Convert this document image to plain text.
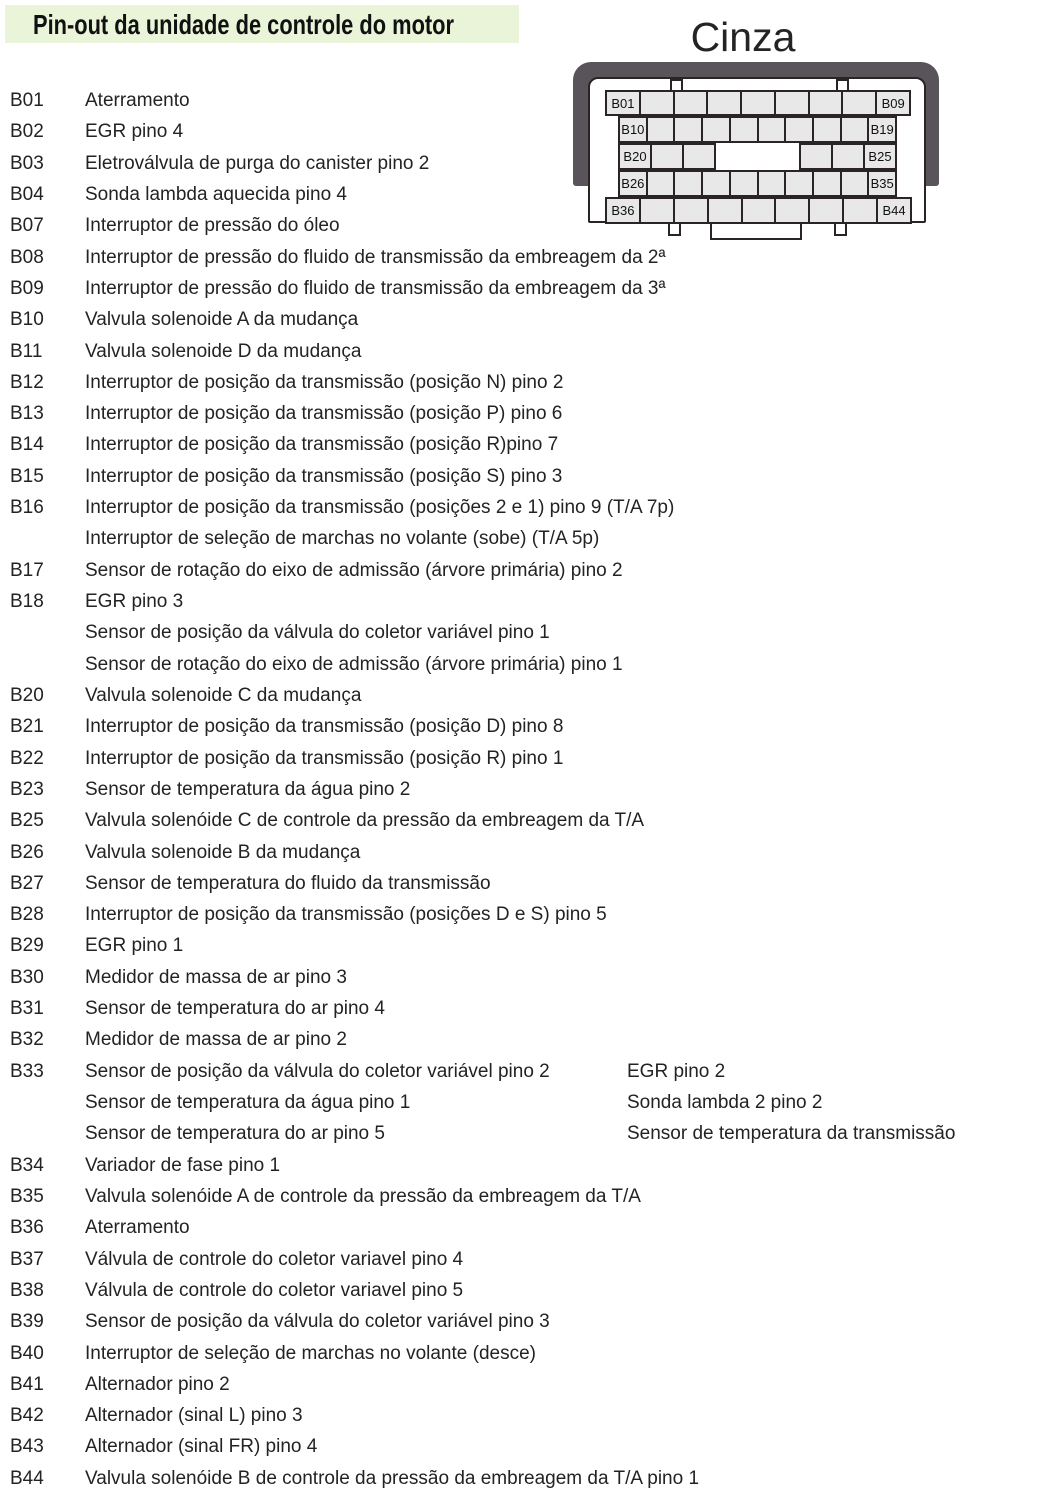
Pin-out da unidade de controle do motor	Cinza
B01	B09
B10	B19
B20	B25
B26	B35
B36	B44
B01 Aterramento
B02 EGR pino 4
B03 Eletroválvula de purga do canister pino 2
B04 Sonda lambda aquecida pino 4
B07 Interruptor de pressão do óleo
B08 Interruptor de pressão do fluido de transmissão da embreagem da 2ª
B09 Interruptor de pressão do fluido de transmissão da embreagem da 3ª
B10 Valvula solenoide A da mudança
B11 Valvula solenoide D da mudança
B12 Interruptor de posição da transmissão (posição N) pino 2
B13 Interruptor de posição da transmissão (posição P) pino 6
B14 Interruptor de posição da transmissão (posição R)pino 7
B15 Interruptor de posição da transmissão (posição S) pino 3
B16 Interruptor de posição da transmissão (posições 2 e 1) pino 9 (T/A 7p)
Interruptor de seleção de marchas no volante (sobe) (T/A 5p)
B17 Sensor de rotação do eixo de admissão (árvore primária) pino 2
B18 EGR pino 3
Sensor de posição da válvula do coletor variável pino 1
Sensor de rotação do eixo de admissão (árvore primária) pino 1
B20 Valvula solenoide C da mudança
B21 Interruptor de posição da transmissão (posição D) pino 8
B22 Interruptor de posição da transmissão (posição R) pino 1
B23 Sensor de temperatura da água pino 2
B25 Valvula solenóide C de controle da pressão da embreagem da T/A
B26 Valvula solenoide B da mudança
B27 Sensor de temperatura do fluido da transmissão
B28 Interruptor de posição da transmissão (posições D e S) pino 5
B29 EGR pino 1
B30 Medidor de massa de ar pino 3
B31 Sensor de temperatura do ar pino 4
B32 Medidor de massa de ar pino 2
B33 Sensor de posição da válvula do coletor variável pino 2	EGR pino 2
Sensor de temperatura da água pino 1	Sonda lambda 2 pino 2
Sensor de temperatura do ar pino 5	Sensor de temperatura da transmissão
B34 Variador de fase pino 1
B35 Valvula solenóide A de controle da pressão da embreagem da T/A
B36 Aterramento
B37 Válvula de controle do coletor variavel pino 4
B38 Válvula de controle do coletor variavel pino 5
B39 Sensor de posição da válvula do coletor variável pino 3
B40 Interruptor de seleção de marchas no volante (desce)
B41 Alternador pino 2
B42 Alternador (sinal L) pino 3
B43 Alternador (sinal FR) pino 4
B44 Valvula solenóide B de controle da pressão da embreagem da T/A pino 1
